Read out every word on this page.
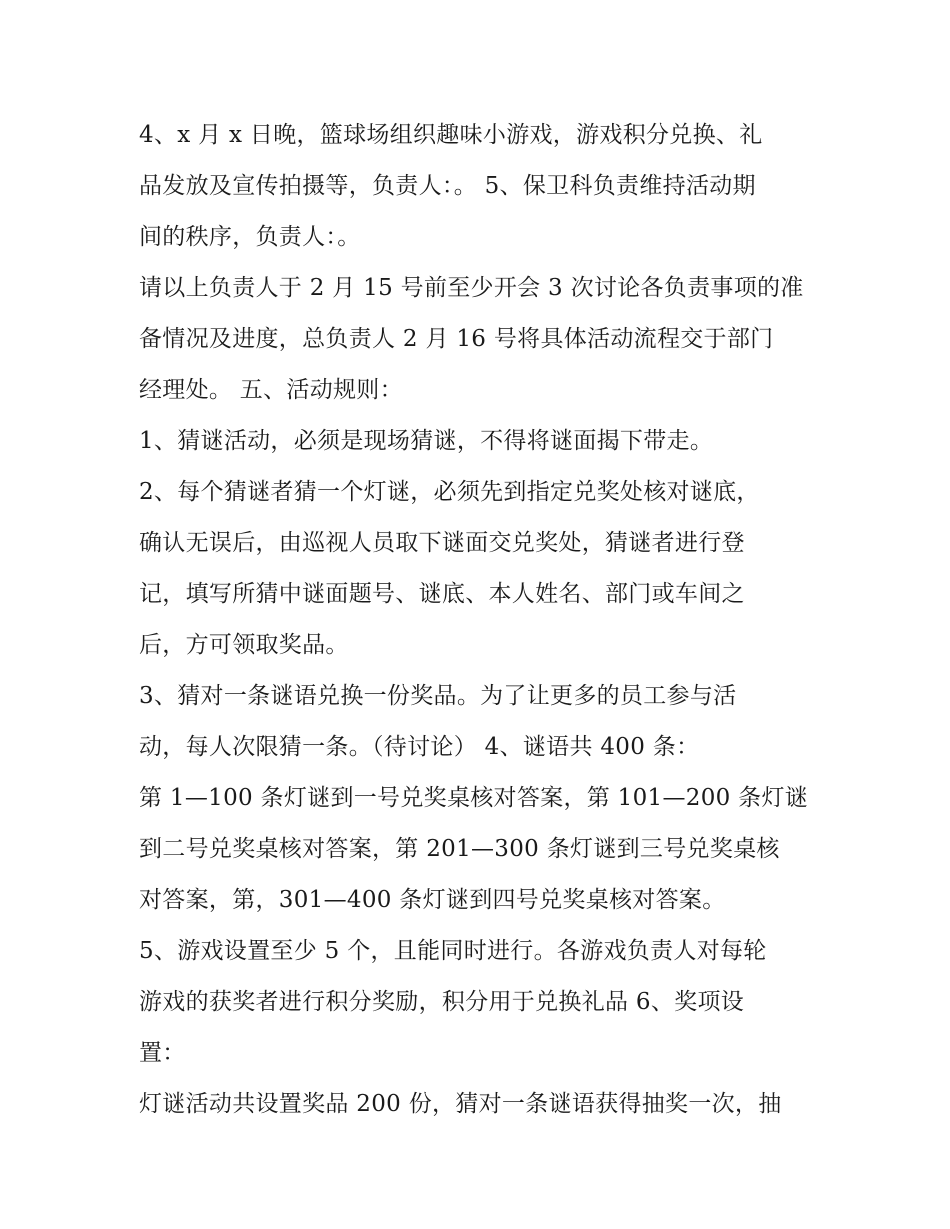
4、x 月 x 日晚，篮球场组织趣味小游戏，游戏积分兑换、礼
品发放及宣传拍摄等，负责人：。 5、保卫科负责维持活动期
间的秩序，负责人：。
请以上负责人于 2 月 15 号前至少开会 3 次讨论各负责事项的准
备情况及进度，总负责人 2 月 16 号将具体活动流程交于部门
经理处。 五、活动规则：
1、猜谜活动，必须是现场猜谜，不得将谜面揭下带走。
2、每个猜谜者猜一个灯谜，必须先到指定兑奖处核对谜底，
确认无误后，由巡视人员取下谜面交兑奖处，猜谜者进行登
记，填写所猜中谜面题号、谜底、本人姓名、部门或车间之
后，方可领取奖品。
3、猜对一条谜语兑换一份奖品。为了让更多的员工参与活
动，每人次限猜一条。（待讨论） 4、谜语共 400 条：
第 1—100 条灯谜到一号兑奖桌核对答案，第 101—200 条灯谜
到二号兑奖桌核对答案，第 201—300 条灯谜到三号兑奖桌核
对答案，第，301—400 条灯谜到四号兑奖桌核对答案。
5、游戏设置至少 5 个，且能同时进行。各游戏负责人对每轮
游戏的获奖者进行积分奖励，积分用于兑换礼品 6、奖项设
置：
灯谜活动共设置奖品 200 份，猜对一条谜语获得抽奖一次，抽
